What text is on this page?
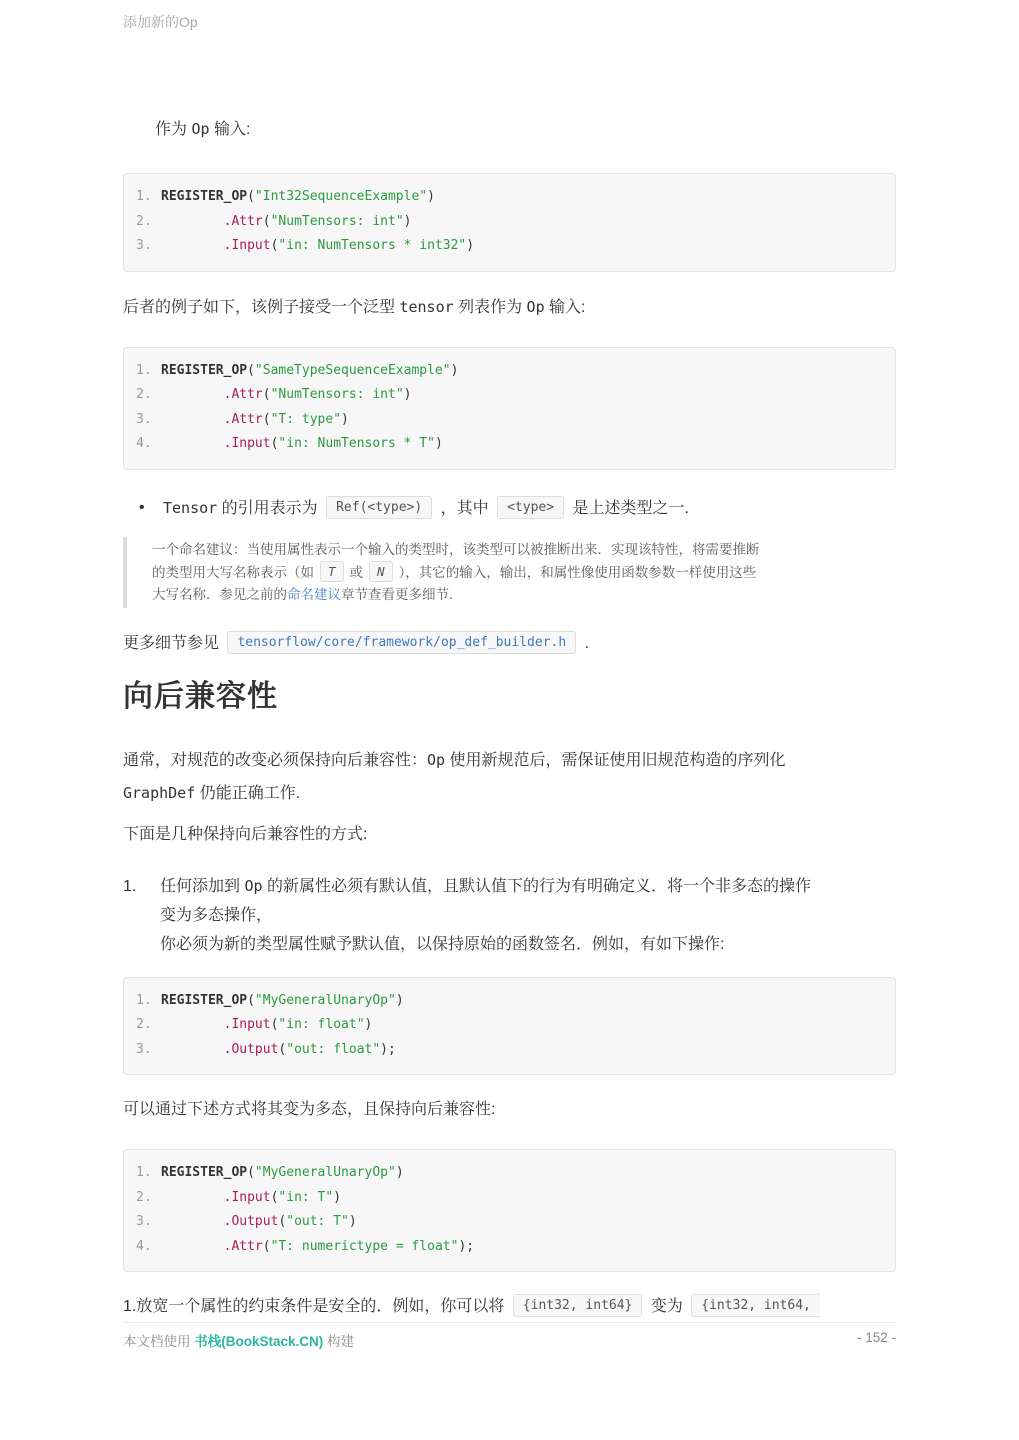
添加新的Op
作为 Op 输入:
1. REGISTER_OP("Int32SequenceExample")
2.	.Attr("NumTensors: int")
3.	.Input("in: NumTensors * int32")
后者的例子如下，该例子接受一个泛型 tensor 列表作为 Op 输入:
1. REGISTER_OP("SameTypeSequenceExample")
2.	.Attr("NumTensors: int")
3.	.Attr("T: type")
4.	.Input("in: NumTensors * T")
•	Tensor 的引用表示为 Ref(<type>) ，其中 <type> 是上述类型之一.
一个命名建议：当使用属性表示一个输入的类型时，该类型可以被推断出来．实现该特性，将需要推断
的类型用大写名称表示（如 T 或 N ），其它的输入，输出，和属性像使用函数参数一样使用这些
大写名称．参见之前的命名建议章节查看更多细节.
更多细节参见 tensorflow/core/framework/op_def_builder.h .
向后兼容性
通常，对规范的改变必须保持向后兼容性：Op 使用新规范后，需保证使用旧规范构造的序列化
GraphDef 仍能正确工作.
下面是几种保持向后兼容性的方式:
1.	任何添加到 Op 的新属性必须有默认值，且默认值下的行为有明确定义．将一个非多态的操作
变为多态操作，
你必须为新的类型属性赋予默认值，以保持原始的函数签名．例如，有如下操作:
1. REGISTER_OP("MyGeneralUnaryOp")
2.	.Input("in: float")
3.	.Output("out: float");
可以通过下述方式将其变为多态，且保持向后兼容性:
1. REGISTER_OP("MyGeneralUnaryOp")
2.	.Input("in: T")
3.	.Output("out: T")
4.	.Attr("T: numerictype = float");
1.放宽一个属性的约束条件是安全的．例如，你可以将 {int32, int64} 变为 {int32, int64,
本文档使用 书栈(BookStack.CN) 构建	- 152 -
